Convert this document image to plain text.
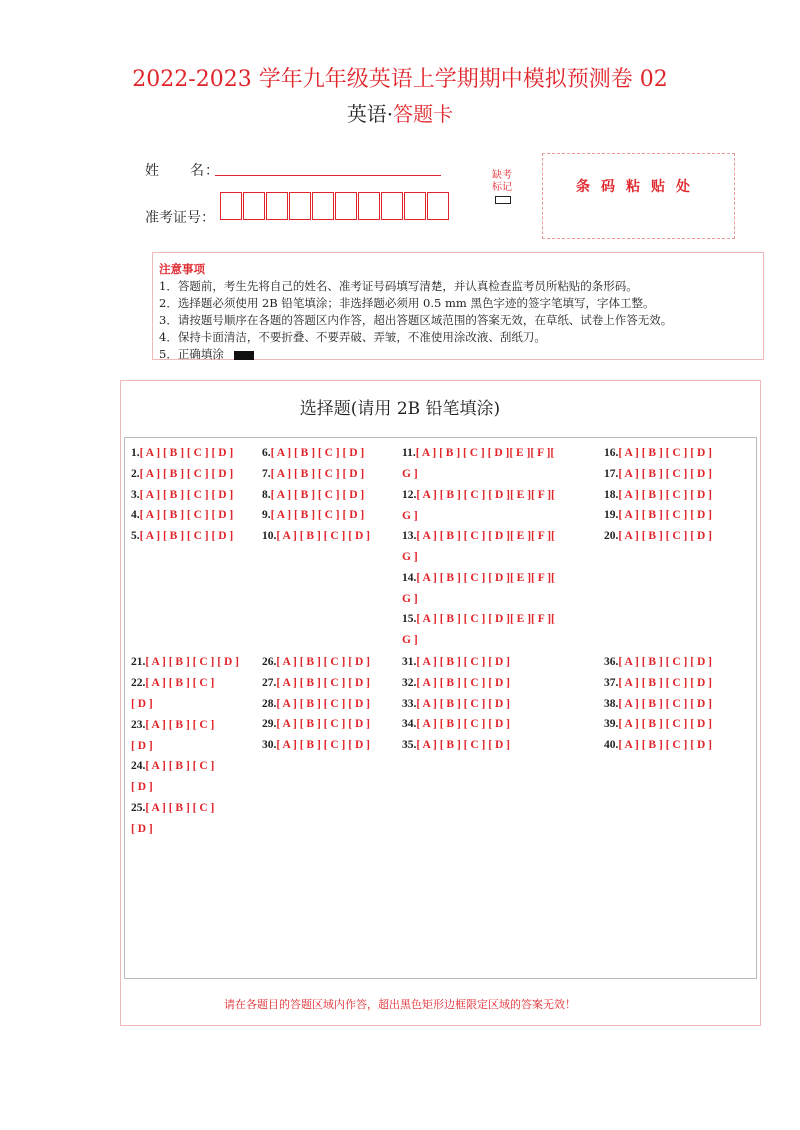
2022-2023 学年九年级英语上学期期中模拟预测卷 02
英语·答题卡
姓　　名：
准考证号：
缺考标记	条码粘贴处
注意事项
1．答题前，考生先将自己的姓名、准考证号码填写清楚，并认真检查监考员所粘贴的条形码。
2．选择题必须使用 2B 铅笔填涂；非选择题必须用 0.5 mm 黑色字迹的签字笔填写，字体工整。
3．请按题号顺序在各题的答题区内作答，超出答题区域范围的答案无效，在草纸、试卷上作答无效。
4．保持卡面清洁，不要折叠、不要弄破、弄皱，不准使用涂改液、刮纸刀。
5．正确填涂
选择题(请用 2B 铅笔填涂)
1.[ A ] [ B ] [ C ] [ D ]
2.[ A ] [ B ] [ C ] [ D ]
3.[ A ] [ B ] [ C ] [ D ]
4.[ A ] [ B ] [ C ] [ D ]
5.[ A ] [ B ] [ C ] [ D ]
6.[ A ] [ B ] [ C ] [ D ]
7.[ A ] [ B ] [ C ] [ D ]
8.[ A ] [ B ] [ C ] [ D ]
9.[ A ] [ B ] [ C ] [ D ]
10.[ A ] [ B ] [ C ] [ D ]
11.[ A ] [ B ] [ C ] [ D ][ E ][ F ][
G ]
12.[ A ] [ B ] [ C ] [ D ][ E ][ F ][
G ]
13.[ A ] [ B ] [ C ] [ D ][ E ][ F ][
G ]
14.[ A ] [ B ] [ C ] [ D ][ E ][ F ][
G ]
15.[ A ] [ B ] [ C ] [ D ][ E ][ F ][
G ]
16.[ A ] [ B ] [ C ] [ D ]
17.[ A ] [ B ] [ C ] [ D ]
18.[ A ] [ B ] [ C ] [ D ]
19.[ A ] [ B ] [ C ] [ D ]
20.[ A ] [ B ] [ C ] [ D ]
21.[ A ] [ B ] [ C ] [ D ]
22.[ A ] [ B ] [ C ]
[ D ]
23.[ A ] [ B ] [ C ]
[ D ]
24.[ A ] [ B ] [ C ]
[ D ]
25.[ A ] [ B ] [ C ]
[ D ]
26.[ A ] [ B ] [ C ] [ D ]
27.[ A ] [ B ] [ C ] [ D ]
28.[ A ] [ B ] [ C ] [ D ]
29.[ A ] [ B ] [ C ] [ D ]
30.[ A ] [ B ] [ C ] [ D ]
31.[ A ] [ B ] [ C ] [ D ]
32.[ A ] [ B ] [ C ] [ D ]
33.[ A ] [ B ] [ C ] [ D ]
34.[ A ] [ B ] [ C ] [ D ]
35.[ A ] [ B ] [ C ] [ D ]
36.[ A ] [ B ] [ C ] [ D ]
37.[ A ] [ B ] [ C ] [ D ]
38.[ A ] [ B ] [ C ] [ D ]
39.[ A ] [ B ] [ C ] [ D ]
40.[ A ] [ B ] [ C ] [ D ]
请在各题目的答题区域内作答，超出黑色矩形边框限定区域的答案无效！
